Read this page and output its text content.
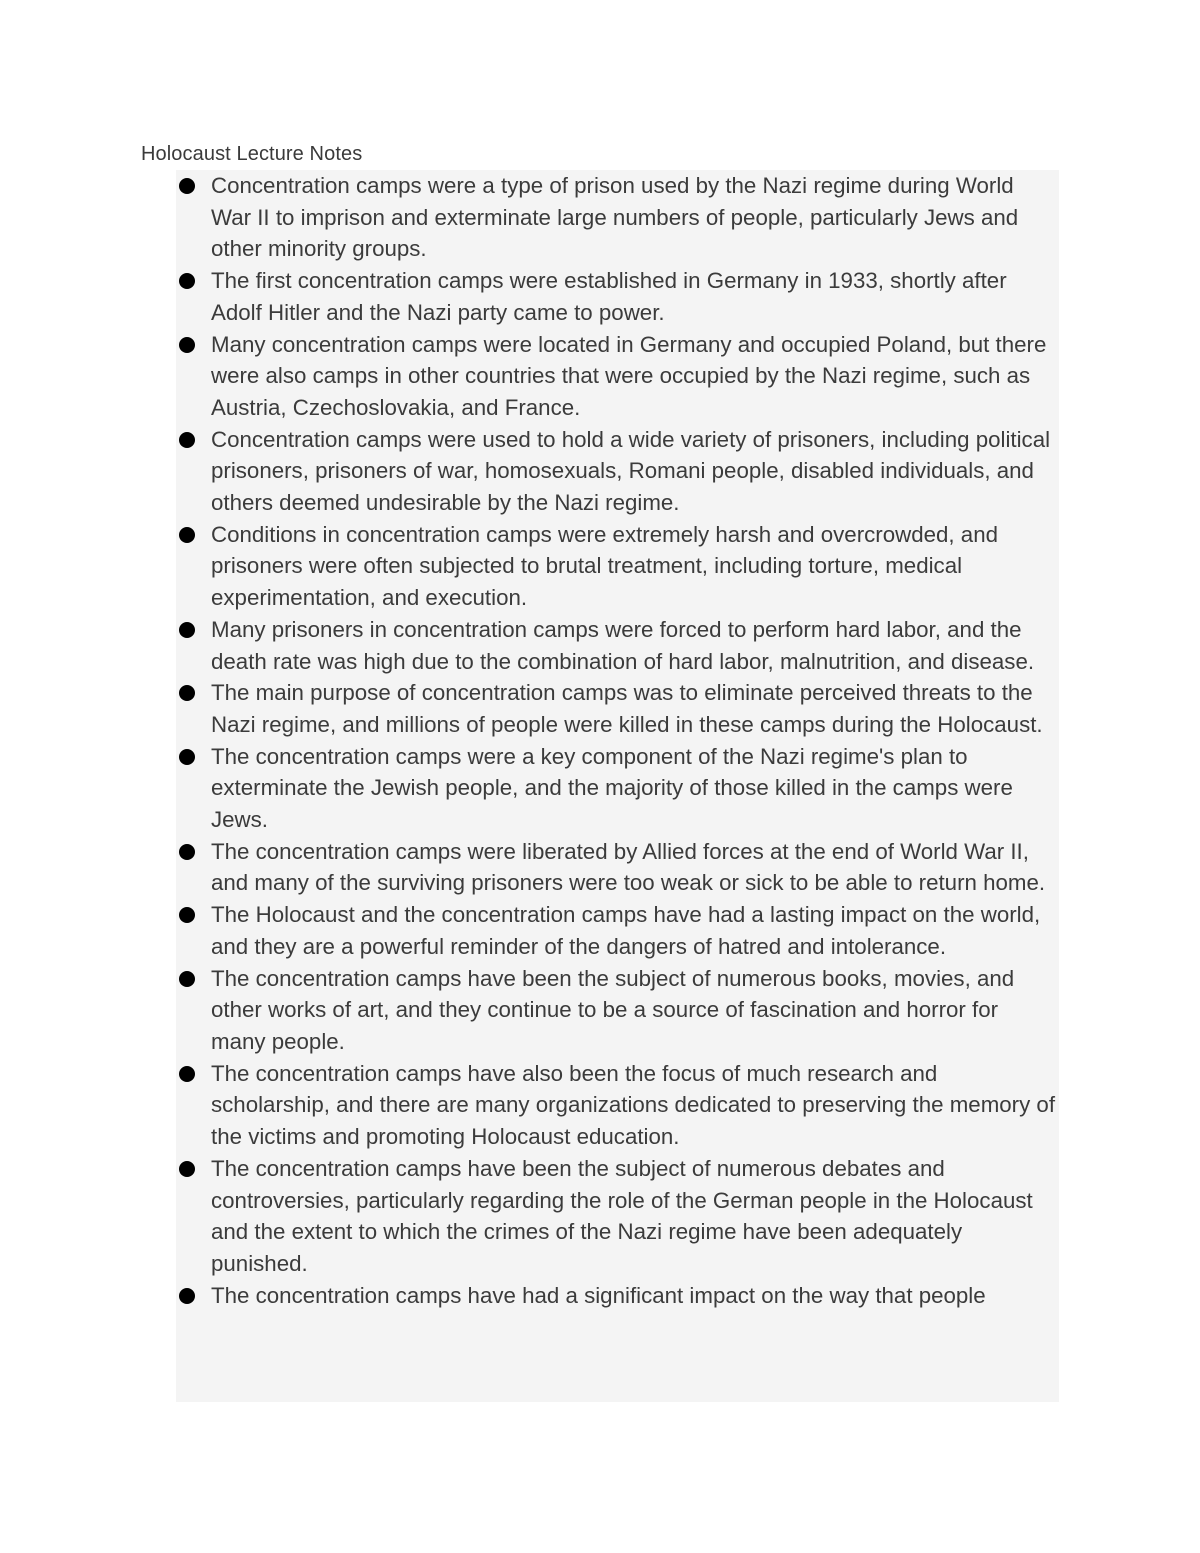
Holocaust Lecture Notes
Concentration camps were a type of prison used by the Nazi regime during World War II to imprison and exterminate large numbers of people, particularly Jews and other minority groups.
The first concentration camps were established in Germany in 1933, shortly after Adolf Hitler and the Nazi party came to power.
Many concentration camps were located in Germany and occupied Poland, but there were also camps in other countries that were occupied by the Nazi regime, such as Austria, Czechoslovakia, and France.
Concentration camps were used to hold a wide variety of prisoners, including political prisoners, prisoners of war, homosexuals, Romani people, disabled individuals, and others deemed undesirable by the Nazi regime.
Conditions in concentration camps were extremely harsh and overcrowded, and prisoners were often subjected to brutal treatment, including torture, medical experimentation, and execution.
Many prisoners in concentration camps were forced to perform hard labor, and the death rate was high due to the combination of hard labor, malnutrition, and disease.
The main purpose of concentration camps was to eliminate perceived threats to the Nazi regime, and millions of people were killed in these camps during the Holocaust.
The concentration camps were a key component of the Nazi regime's plan to exterminate the Jewish people, and the majority of those killed in the camps were Jews.
The concentration camps were liberated by Allied forces at the end of World War II, and many of the surviving prisoners were too weak or sick to be able to return home.
The Holocaust and the concentration camps have had a lasting impact on the world, and they are a powerful reminder of the dangers of hatred and intolerance.
The concentration camps have been the subject of numerous books, movies, and other works of art, and they continue to be a source of fascination and horror for many people.
The concentration camps have also been the focus of much research and scholarship, and there are many organizations dedicated to preserving the memory of the victims and promoting Holocaust education.
The concentration camps have been the subject of numerous debates and controversies, particularly regarding the role of the German people in the Holocaust and the extent to which the crimes of the Nazi regime have been adequately punished.
The concentration camps have had a significant impact on the way that people
